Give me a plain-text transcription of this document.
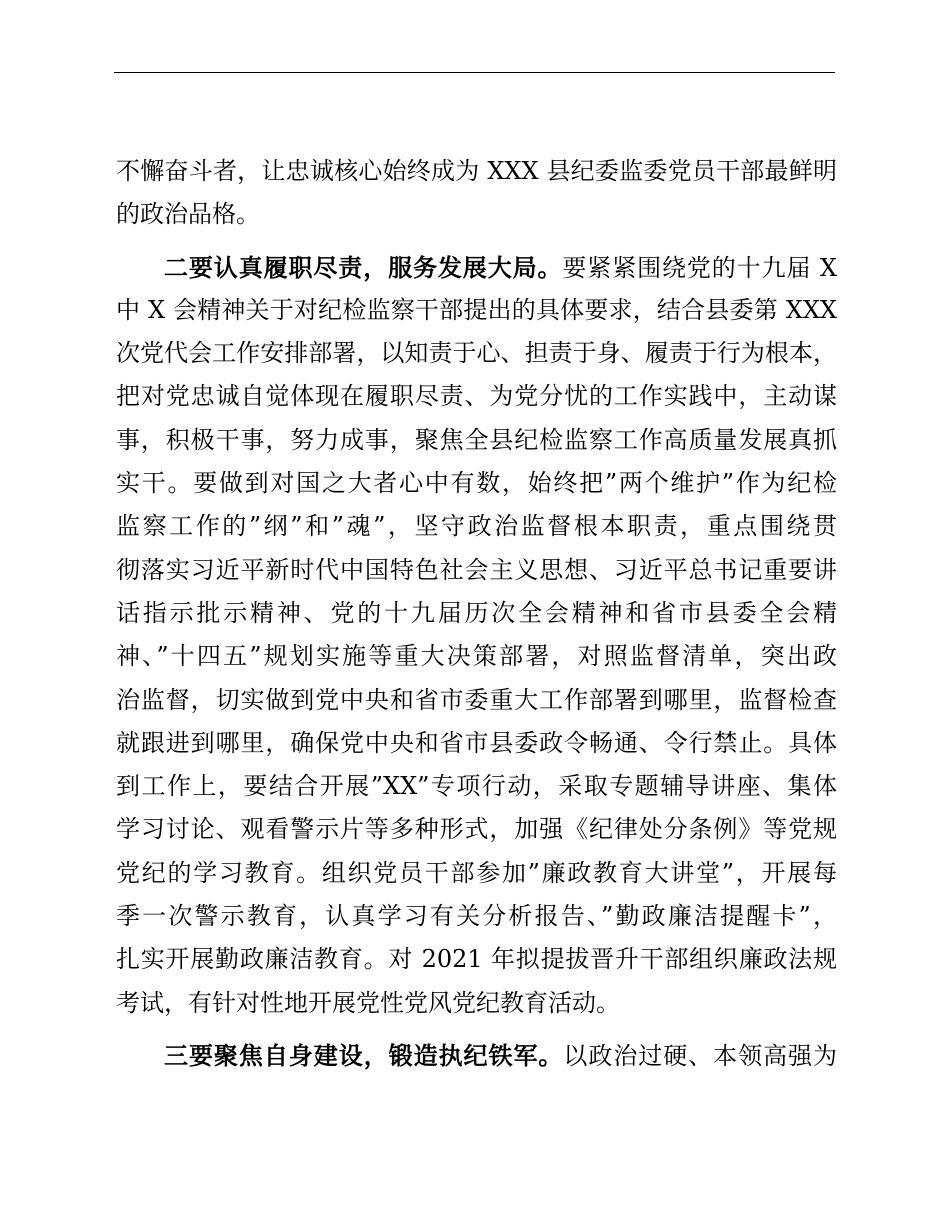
不懈奋斗者，让忠诚核心始终成为 XXX 县纪委监委党员干部最鲜明
的政治品格。
二要认真履职尽责，服务发展大局。要紧紧围绕党的十九届 X
中 X 会精神关于对纪检监察干部提出的具体要求，结合县委第 XXX
次党代会工作安排部署，以知责于心、担责于身、履责于行为根本，
把对党忠诚自觉体现在履职尽责、为党分忧的工作实践中，主动谋
事，积极干事，努力成事，聚焦全县纪检监察工作高质量发展真抓
实干。要做到对国之大者心中有数，始终把”两个维护”作为纪检
监察工作的”纲”和”魂”，坚守政治监督根本职责，重点围绕贯
彻落实习近平新时代中国特色社会主义思想、习近平总书记重要讲
话指示批示精神、党的十九届历次全会精神和省市县委全会精
神、”十四五”规划实施等重大决策部署，对照监督清单，突出政
治监督，切实做到党中央和省市委重大工作部署到哪里，监督检查
就跟进到哪里，确保党中央和省市县委政令畅通、令行禁止。具体
到工作上，要结合开展”XX”专项行动，采取专题辅导讲座、集体
学习讨论、观看警示片等多种形式，加强《纪律处分条例》等党规
党纪的学习教育。组织党员干部参加”廉政教育大讲堂”，开展每
季一次警示教育，认真学习有关分析报告、”勤政廉洁提醒卡”，
扎实开展勤政廉洁教育。对 2021 年拟提拔晋升干部组织廉政法规
考试，有针对性地开展党性党风党纪教育活动。
三要聚焦自身建设，锻造执纪铁军。以政治过硬、本领高强为
